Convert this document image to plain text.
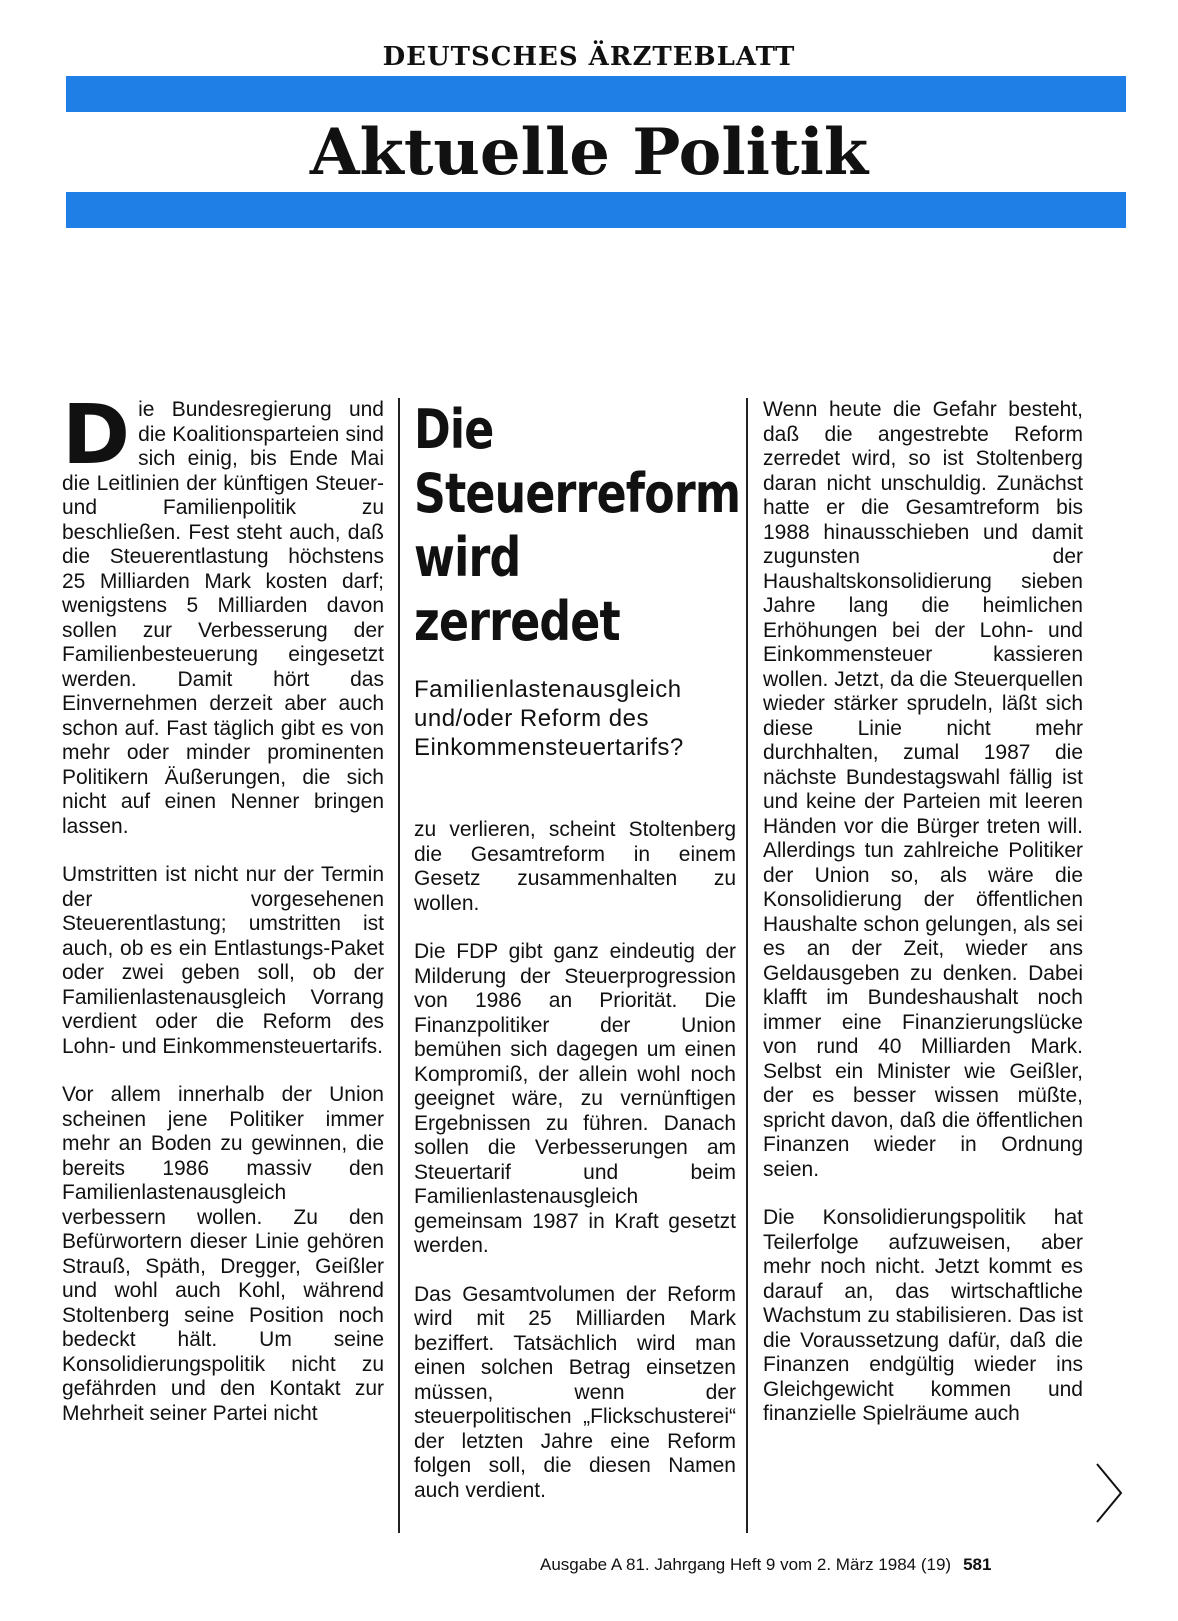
DEUTSCHES ÄRZTEBLATT
Aktuelle Politik

Die Bundesregierung und die Koalitionsparteien sind sich einig, bis Ende Mai die Leitlinien der künftigen Steuer- und Familienpolitik zu beschließen. Fest steht auch, daß die Steuerentlastung höchstens 25 Milliarden Mark kosten darf; wenigstens 5 Milliarden davon sollen zur Verbesserung der Familienbesteuerung eingesetzt werden. Damit hört das Einvernehmen derzeit aber auch schon auf. Fast täglich gibt es von mehr oder minder prominenten Politikern Äußerungen, die sich nicht auf einen Nenner bringen lassen.

Umstritten ist nicht nur der Termin der vorgesehenen Steuerentlastung; umstritten ist auch, ob es ein Entlastungs-Paket oder zwei geben soll, ob der Familienlastenausgleich Vorrang verdient oder die Reform des Lohn- und Einkommensteuertarifs.

Vor allem innerhalb der Union scheinen jene Politiker immer mehr an Boden zu gewinnen, die bereits 1986 massiv den Familienlastenausgleich verbessern wollen. Zu den Befürwortern dieser Linie gehören Strauß, Späth, Dregger, Geißler und wohl auch Kohl, während Stoltenberg seine Position noch bedeckt hält. Um seine Konsolidierungspolitik nicht zu gefährden und den Kontakt zur Mehrheit seiner Partei nicht

Die Steuerreform wird zerredet
Familienlastenausgleich und/oder Reform des Einkommensteuertarifs?

zu verlieren, scheint Stoltenberg die Gesamtreform in einem Gesetz zusammenhalten zu wollen.

Die FDP gibt ganz eindeutig der Milderung der Steuerprogression von 1986 an Priorität. Die Finanzpolitiker der Union bemühen sich dagegen um einen Kompromiß, der allein wohl noch geeignet wäre, zu vernünftigen Ergebnissen zu führen. Danach sollen die Verbesserungen am Steuertarif und beim Familienlastenausgleich gemeinsam 1987 in Kraft gesetzt werden.

Das Gesamtvolumen der Reform wird mit 25 Milliarden Mark beziffert. Tatsächlich wird man einen solchen Betrag einsetzen müssen, wenn der steuerpolitischen „Flickschusterei“ der letzten Jahre eine Reform folgen soll, die diesen Namen auch verdient.

Wenn heute die Gefahr besteht, daß die angestrebte Reform zerredet wird, so ist Stoltenberg daran nicht unschuldig. Zunächst hatte er die Gesamtreform bis 1988 hinausschieben und damit zugunsten der Haushaltskonsolidierung sieben Jahre lang die heimlichen Erhöhungen bei der Lohn- und Einkommensteuer kassieren wollen. Jetzt, da die Steuerquellen wieder stärker sprudeln, läßt sich diese Linie nicht mehr durchhalten, zumal 1987 die nächste Bundestagswahl fällig ist und keine der Parteien mit leeren Händen vor die Bürger treten will. Allerdings tun zahlreiche Politiker der Union so, als wäre die Konsolidierung der öffentlichen Haushalte schon gelungen, als sei es an der Zeit, wieder ans Geldausgeben zu denken. Dabei klafft im Bundeshaushalt noch immer eine Finanzierungslücke von rund 40 Milliarden Mark. Selbst ein Minister wie Geißler, der es besser wissen müßte, spricht davon, daß die öffentlichen Finanzen wieder in Ordnung seien.

Die Konsolidierungspolitik hat Teilerfolge aufzuweisen, aber mehr noch nicht. Jetzt kommt es darauf an, das wirtschaftliche Wachstum zu stabilisieren. Das ist die Voraussetzung dafür, daß die Finanzen endgültig wieder ins Gleichgewicht kommen und finanzielle Spielräume auch

Ausgabe A 81. Jahrgang Heft 9 vom 2. März 1984 (19) 581
